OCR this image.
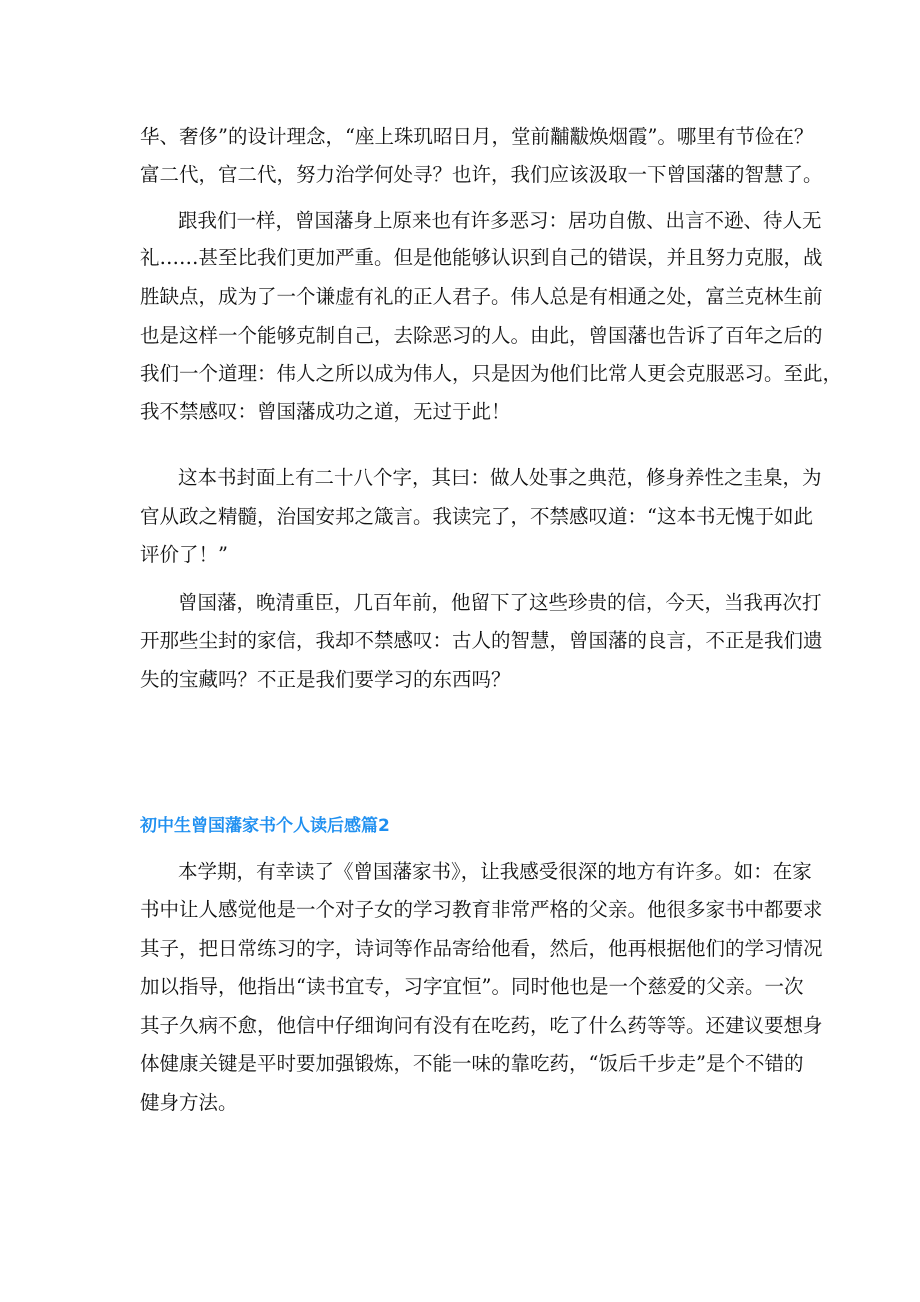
华、奢侈”的设计理念，“座上珠玑昭日月，堂前黼黻焕烟霞”。哪里有节俭在？
富二代，官二代，努力治学何处寻？也许，我们应该汲取一下曾国藩的智慧了。
跟我们一样，曾国藩身上原来也有许多恶习：居功自傲、出言不逊、待人无
礼……甚至比我们更加严重。但是他能够认识到自己的错误，并且努力克服，战
胜缺点，成为了一个谦虚有礼的正人君子。伟人总是有相通之处，富兰克林生前
也是这样一个能够克制自己，去除恶习的人。由此，曾国藩也告诉了百年之后的
我们一个道理：伟人之所以成为伟人，只是因为他们比常人更会克服恶习。至此，
我不禁感叹：曾国藩成功之道，无过于此！
这本书封面上有二十八个字，其曰：做人处事之典范，修身养性之圭臬，为
官从政之精髓，治国安邦之箴言。我读完了，不禁感叹道：“这本书无愧于如此
评价了！”
曾国藩，晚清重臣，几百年前，他留下了这些珍贵的信，今天，当我再次打
开那些尘封的家信，我却不禁感叹：古人的智慧，曾国藩的良言，不正是我们遗
失的宝藏吗？不正是我们要学习的东西吗？
初中生曾国藩家书个人读后感篇2
本学期，有幸读了《曾国藩家书》，让我感受很深的地方有许多。如：在家
书中让人感觉他是一个对子女的学习教育非常严格的父亲。他很多家书中都要求
其子，把日常练习的字，诗词等作品寄给他看，然后，他再根据他们的学习情况
加以指导，他指出“读书宜专，习字宜恒”。同时他也是一个慈爱的父亲。一次
其子久病不愈，他信中仔细询问有没有在吃药，吃了什么药等等。还建议要想身
体健康关键是平时要加强锻炼，不能一味的靠吃药，“饭后千步走”是个不错的
健身方法。
